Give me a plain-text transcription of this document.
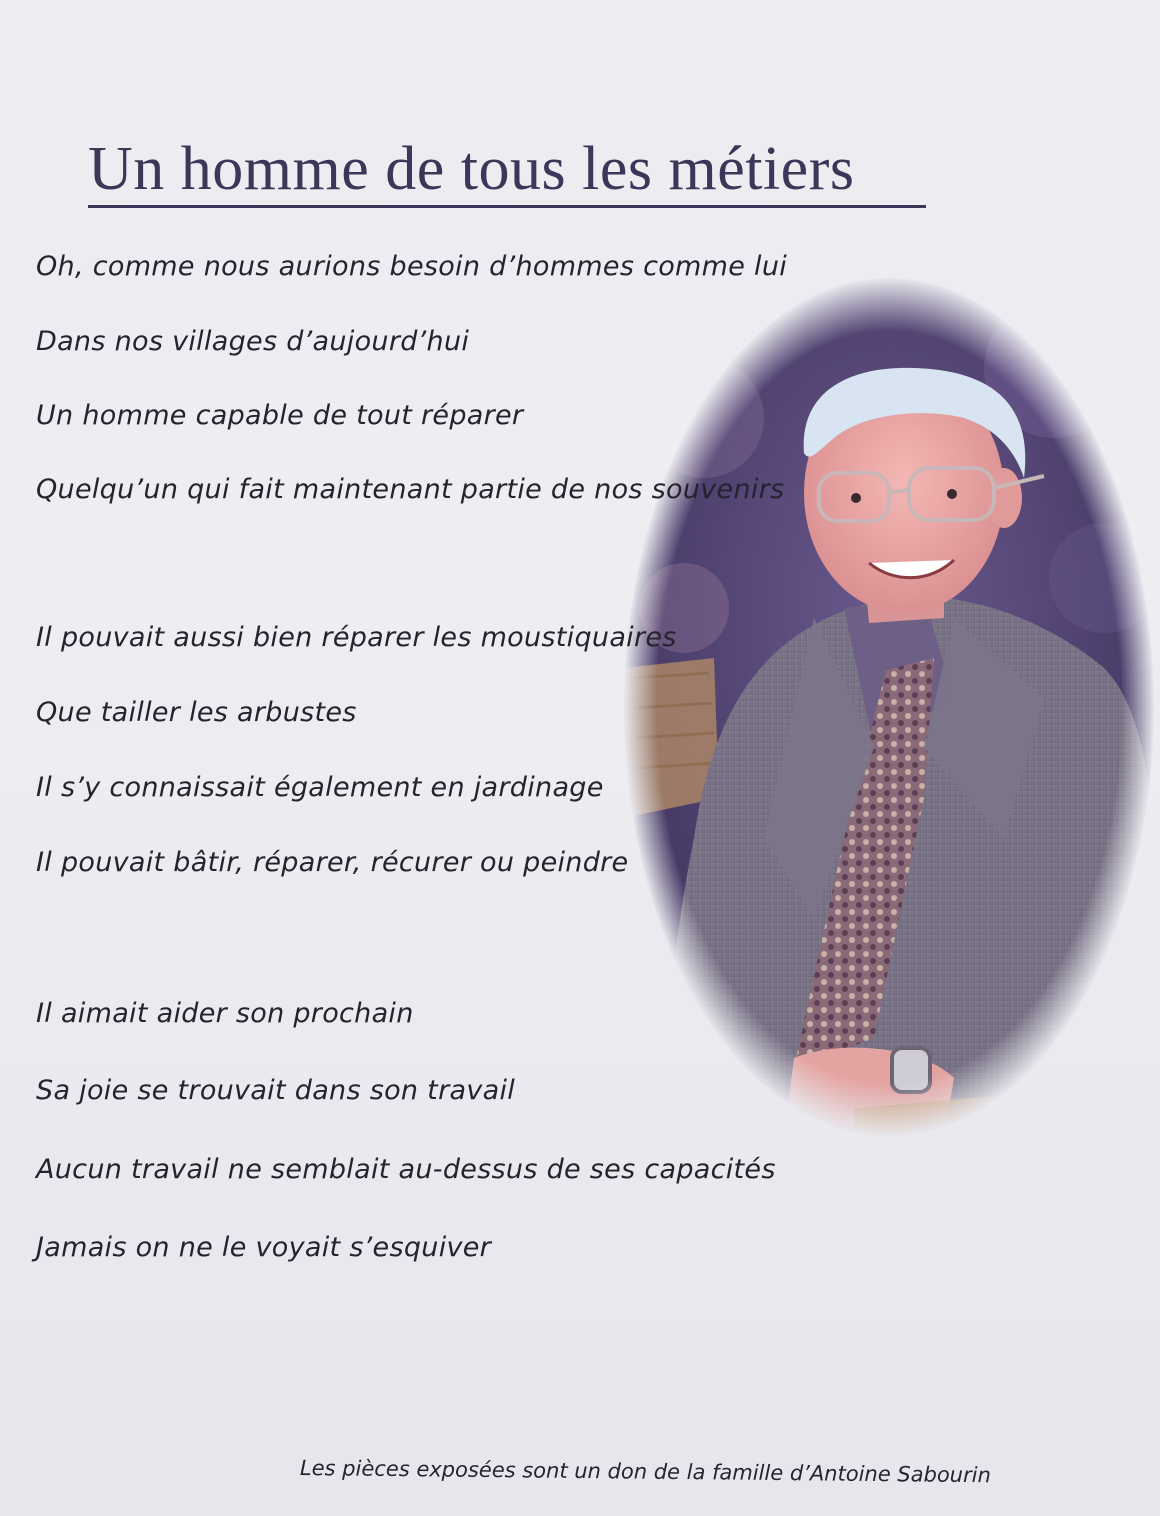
Un homme de tous les métiers

Oh, comme nous aurions besoin d’hommes comme lui

Dans nos villages d’aujourd’hui

Un homme capable de tout réparer

Quelqu’un qui fait maintenant partie de nos souvenirs

Il pouvait aussi bien réparer les moustiquaires

Que tailler les arbustes

Il s’y connaissait également en jardinage

Il pouvait bâtir, réparer, récurer ou peindre

Il aimait aider son prochain

Sa joie se trouvait dans son travail

Aucun travail ne semblait au-dessus de ses capacités

Jamais on ne le voyait s’esquiver

Les pièces exposées sont un don de la famille d’Antoine Sabourin
